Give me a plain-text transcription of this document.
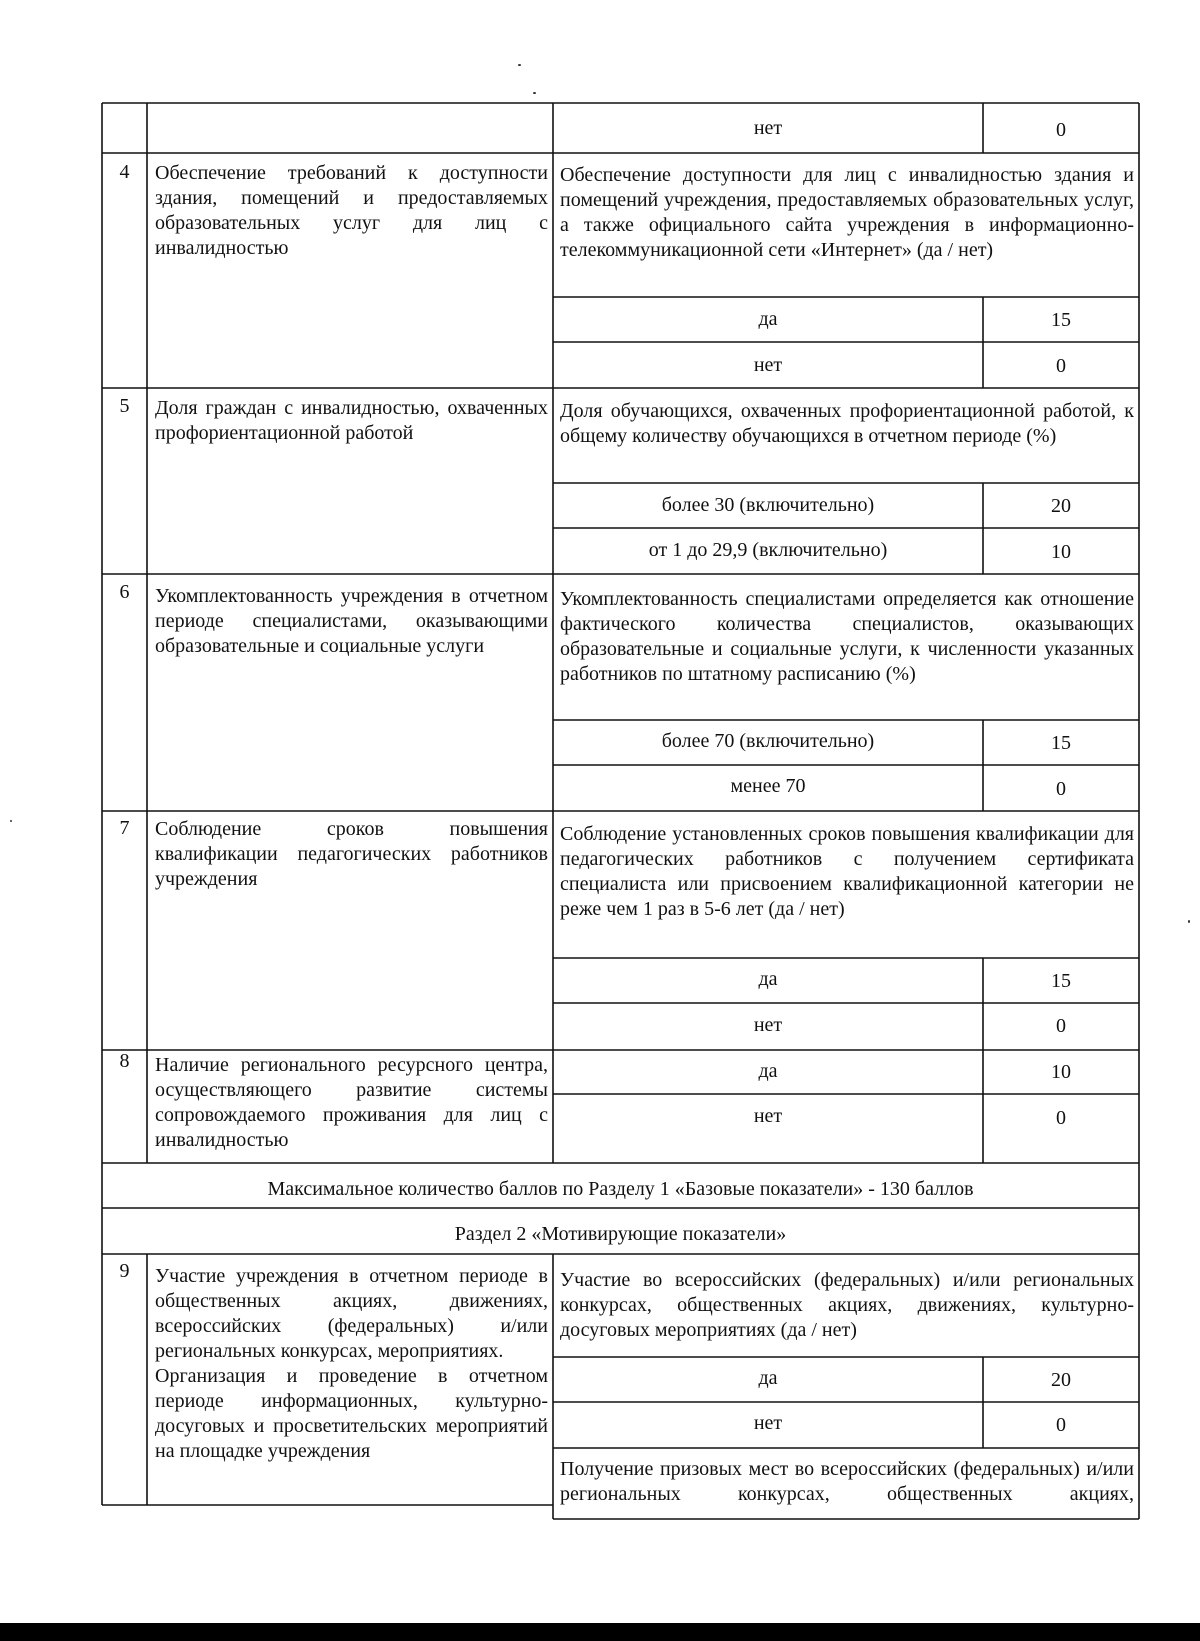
нет	0
4	Обеспечение требований к доступности здания, помещений и предоставляемых образовательных услуг для лиц с инвалидностью
Обеспечение доступности для лиц с инвалидностью здания и помещений учреждения, предоставляемых образовательных услуг, а также официального сайта учреждения в информационно-телекоммуникационной сети «Интернет» (да / нет)
да	15
нет	0
5	Доля граждан с инвалидностью, охваченных профориентационной работой
Доля обучающихся, охваченных профориентационной работой, к общему количеству обучающихся в отчетном периоде (%)
более 30 (включительно)	20
от 1 до 29,9 (включительно)	10
6	Укомплектованность учреждения в отчетном периоде специалистами, оказывающими образовательные и социальные услуги
Укомплектованность специалистами определяется как отношение фактического количества специалистов, оказывающих образовательные и социальные услуги, к численности указанных работников по штатному расписанию (%)
более 70 (включительно)	15
менее 70	0
7	Соблюдение сроков повышения квалификации педагогических работников учреждения
Соблюдение установленных сроков повышения квалификации для педагогических работников с получением сертификата специалиста или присвоением квалификационной категории не реже чем 1 раз в 5-6 лет (да / нет)
да	15
нет	0
8	Наличие регионального ресурсного центра, осуществляющего развитие системы сопровождаемого проживания для лиц с инвалидностью
да	10
нет	0
Максимальное количество баллов по Разделу 1 «Базовые показатели» - 130 баллов
Раздел 2 «Мотивирующие показатели»
9	Участие учреждения в отчетном периоде в общественных акциях, движениях, всероссийских (федеральных) и/или региональных конкурсах, мероприятиях.
Организация и проведение в отчетном периоде информационных, культурно-досуговых и просветительских мероприятий на площадке учреждения
Участие во всероссийских (федеральных) и/или региональных конкурсах, общественных акциях, движениях, культурно-досуговых мероприятиях (да / нет)
да	20
нет	0
Получение призовых мест во всероссийских (федеральных) и/или региональных конкурсах, общественных акциях,
